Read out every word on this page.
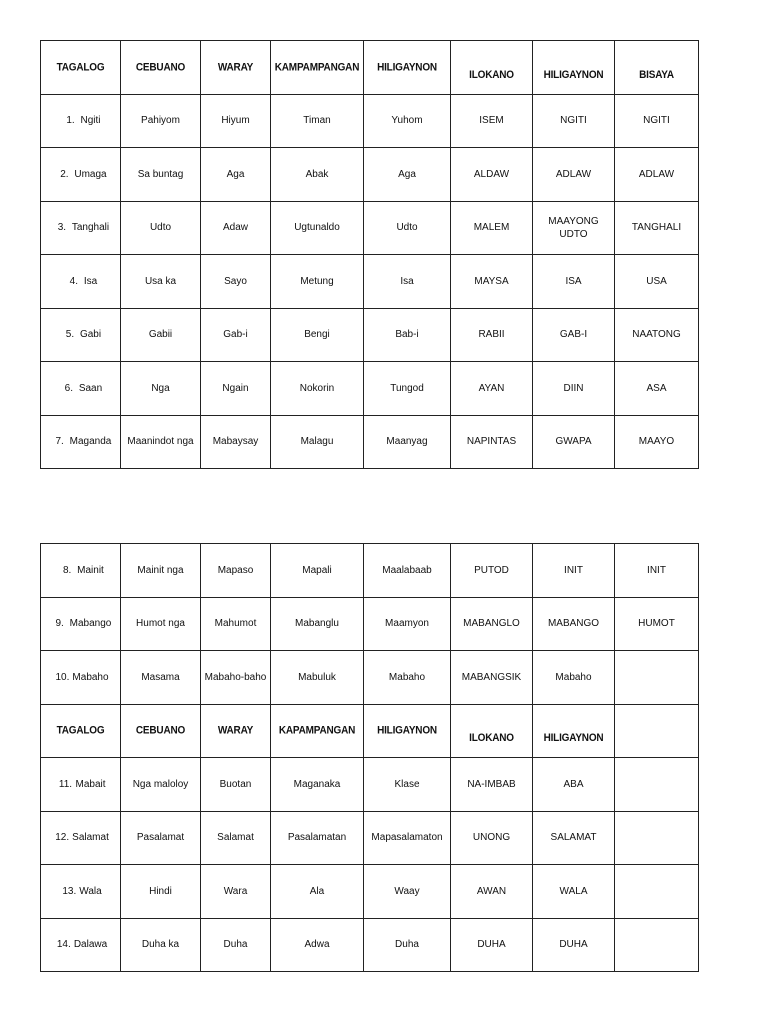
TAGALOG	CEBUANO	WARAY	KAMPAMPANGAN	HILIGAYNON	ILOKANO	HILIGAYNON	BISAYA
1. Ngiti	Pahiyom	Hiyum	Timan	Yuhom	ISEM	NGITI	NGITI
2. Umaga	Sa buntag	Aga	Abak	Aga	ALDAW	ADLAW	ADLAW
3. Tanghali	Udto	Adaw	Ugtunaldo	Udto	MALEM	MAAYONG UDTO	TANGHALI
4. Isa	Usa ka	Sayo	Metung	Isa	MAYSA	ISA	USA
5. Gabi	Gabii	Gab-i	Bengi	Bab-i	RABII	GAB-I	NAATONG
6. Saan	Nga	Ngain	Nokorin	Tungod	AYAN	DIIN	ASA
7. Maganda	Maanindot nga	Mabaysay	Malagu	Maanyag	NAPINTAS	GWAPA	MAAYO
8. Mainit	Mainit nga	Mapaso	Mapali	Maalabaab	PUTOD	INIT	INIT
9. Mabango	Humot nga	Mahumot	Mabanglu	Maamyon	MABANGLO	MABANGO	HUMOT
10. Mabaho	Masama	Mabaho-baho	Mabuluk	Mabaho	MABANGSIK	Mabaho	
TAGALOG	CEBUANO	WARAY	KAPAMPANGAN	HILIGAYNON	ILOKANO	HILIGAYNON	
11. Mabait	Nga maloloy	Buotan	Maganaka	Klase	NA-IMBAB	ABA	
12. Salamat	Pasalamat	Salamat	Pasalamatan	Mapasalamaton	UNONG	SALAMAT	
13. Wala	Hindi	Wara	Ala	Waay	AWAN	WALA	
14. Dalawa	Duha ka	Duha	Adwa	Duha	DUHA	DUHA	
